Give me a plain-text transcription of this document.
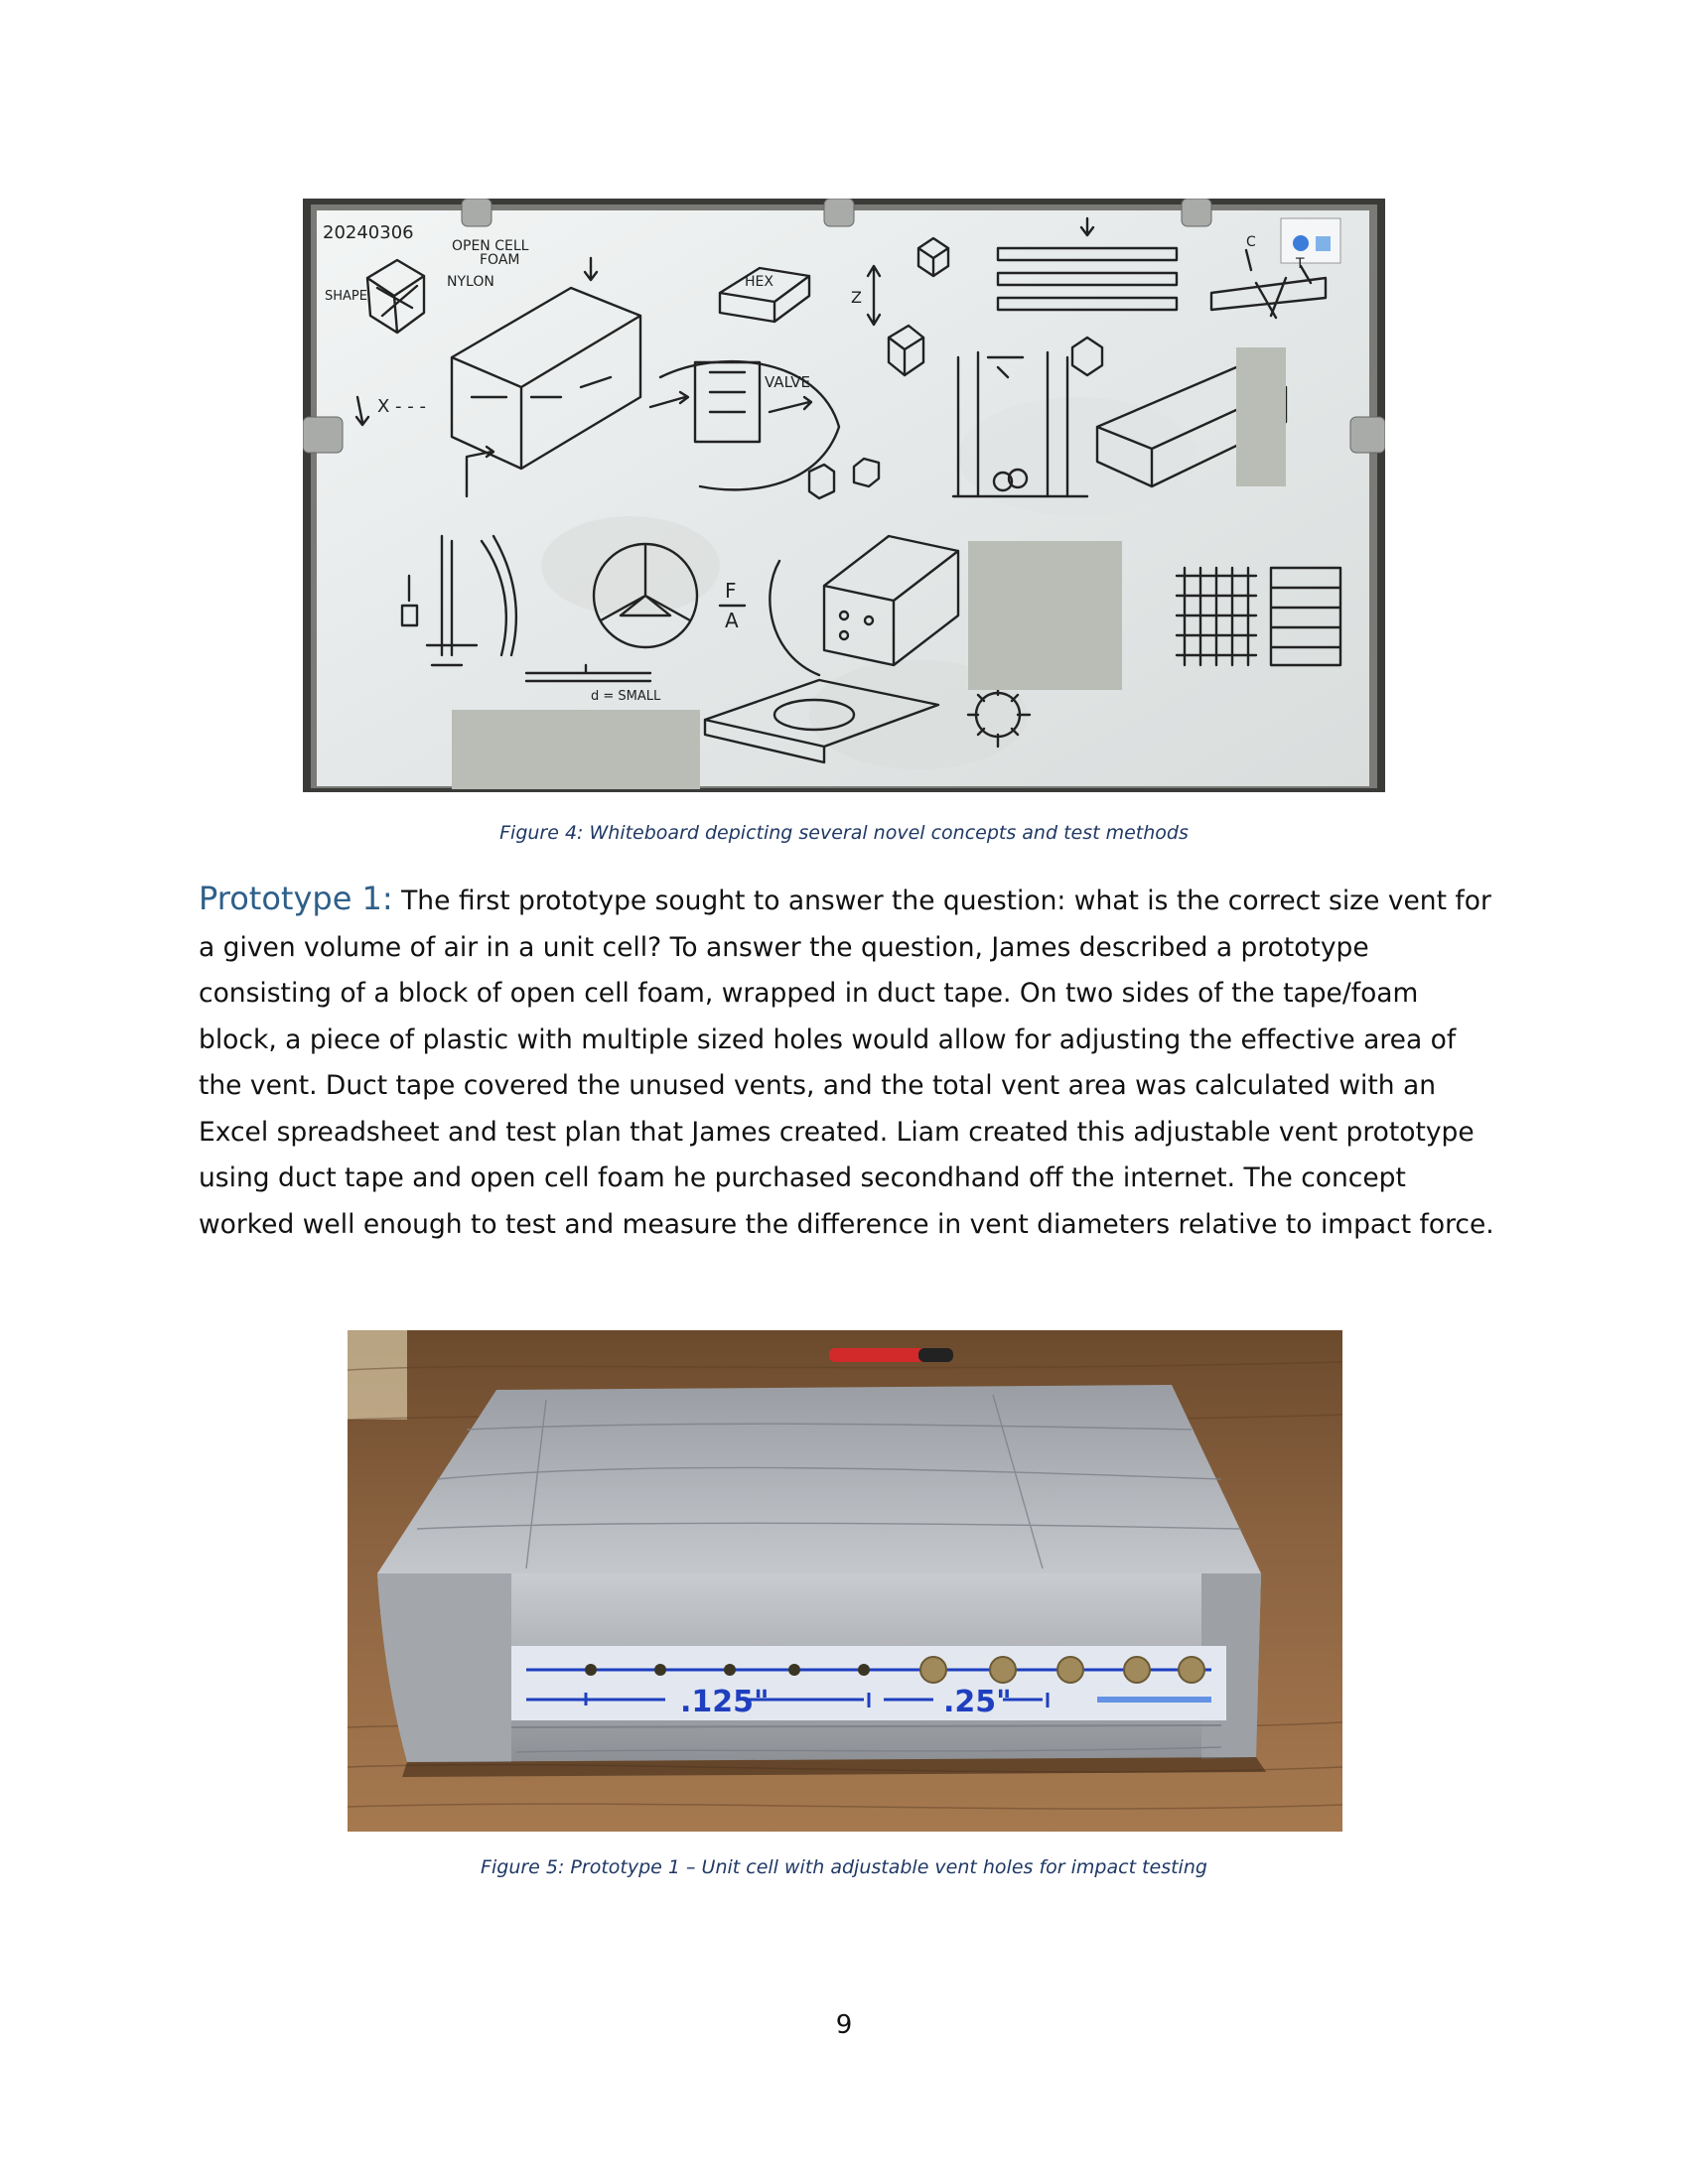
20240306
OPEN CELL
FOAM
NYLON
SHAPE
HEX
VALVE
Z
C
T
F
A
d = SMALL
X - - -
Figure 4: Whiteboard depicting several novel concepts and test methods
Prototype 1: The first prototype sought to answer the question: what is the correct size vent for a given volume of air in a unit cell? To answer the question, James described a prototype consisting of a block of open cell foam, wrapped in duct tape. On two sides of the tape/foam block, a piece of plastic with multiple sized holes would allow for adjusting the effective area of the vent. Duct tape covered the unused vents, and the total vent area was calculated with an Excel spreadsheet and test plan that James created. Liam created this adjustable vent prototype using duct tape and open cell foam he purchased secondhand off the internet. The concept worked well enough to test and measure the difference in vent diameters relative to impact force.
.125"	.25"
Figure 5: Prototype 1 – Unit cell with adjustable vent holes for impact testing
9
